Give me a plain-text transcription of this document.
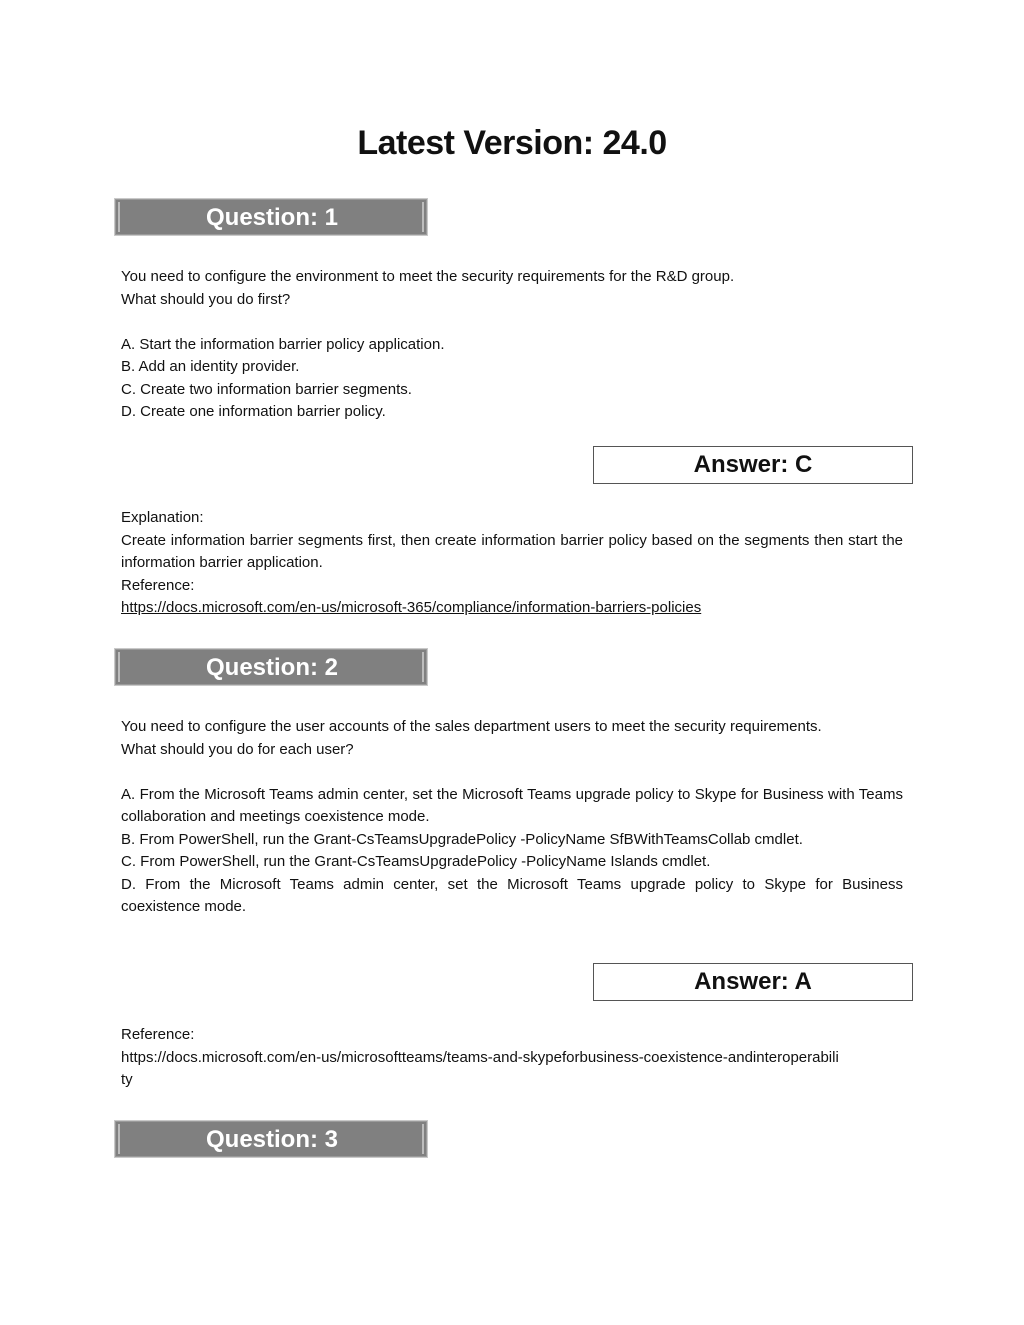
Latest Version: 24.0
Question: 1

You need to configure the environment to meet the security requirements for the R&D group.

What should you do first?

A. Start the information barrier policy application.

B. Add an identity provider.

C. Create two information barrier segments.

D. Create one information barrier policy.

Answer: C

Explanation:

Create information barrier segments first, then create information barrier policy based on the segments then start the information barrier application.

Reference:

https://docs.microsoft.com/en-us/microsoft-365/compliance/information-barriers-policies

Question: 2

You need to configure the user accounts of the sales department users to meet the security requirements.

What should you do for each user?

A. From the Microsoft Teams admin center, set the Microsoft Teams upgrade policy to Skype for Business with Teams collaboration and meetings coexistence mode.

B. From PowerShell, run the Grant-CsTeamsUpgradePolicy -PolicyName SfBWithTeamsCollab cmdlet.

C. From PowerShell, run the Grant-CsTeamsUpgradePolicy -PolicyName Islands cmdlet.

D. From the Microsoft Teams admin center, set the Microsoft Teams upgrade policy to Skype for Business coexistence mode.

Answer: A

Reference:

https://docs.microsoft.com/en-us/microsoftteams/teams-and-skypeforbusiness-coexistence-andinteroperability

Question: 3
